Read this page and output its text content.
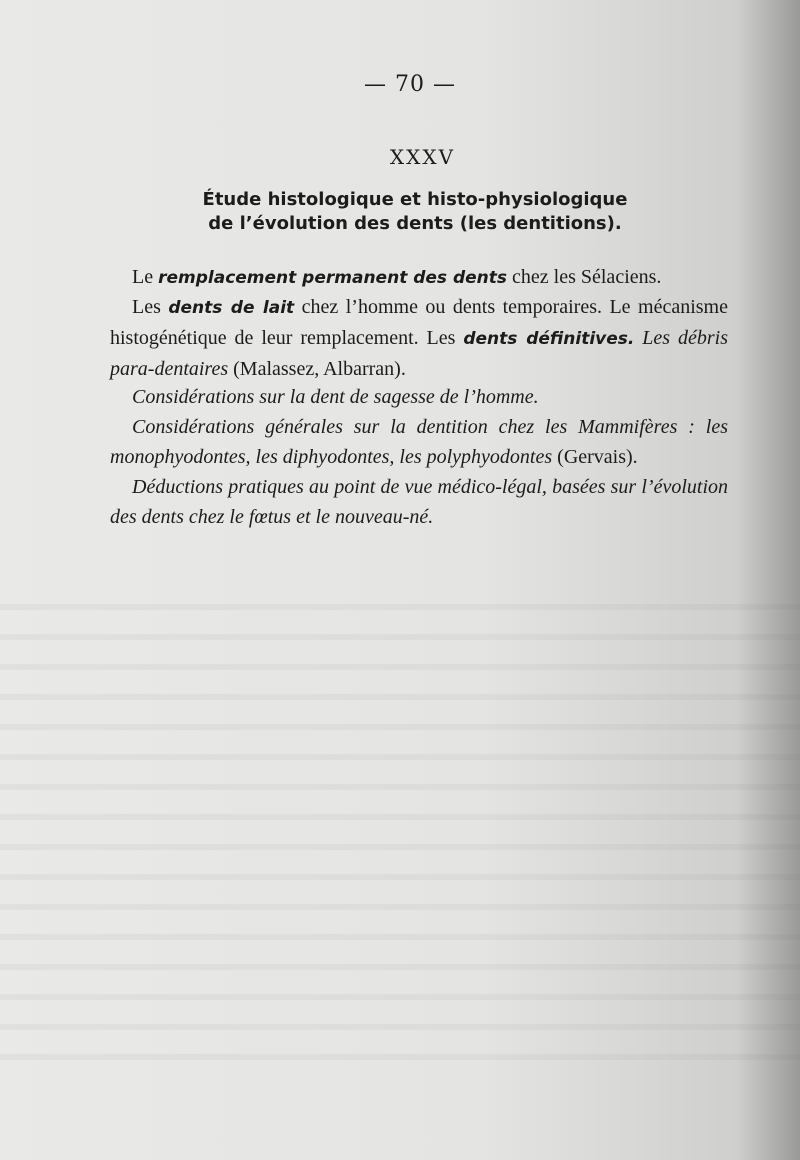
— 70 —
XXXV
Étude histologique et histo-physiologique
de l’évolution des dents (les dentitions).
Le remplacement permanent des dents chez les Sélaciens.
Les dents de lait chez l’homme ou dents temporaires. Le mécanisme histogénétique de leur remplacement. Les dents définitives. Les débris para-dentaires (Malassez, Albarran).
Considérations sur la dent de sagesse de l’homme.
Considérations générales sur la dentition chez les Mammifères : les monophyodontes, les diphyodontes, les polyphyodontes (Gervais).
Déductions pratiques au point de vue médico-légal, basées sur l’évolution des dents chez le fœtus et le nouveau-né.
